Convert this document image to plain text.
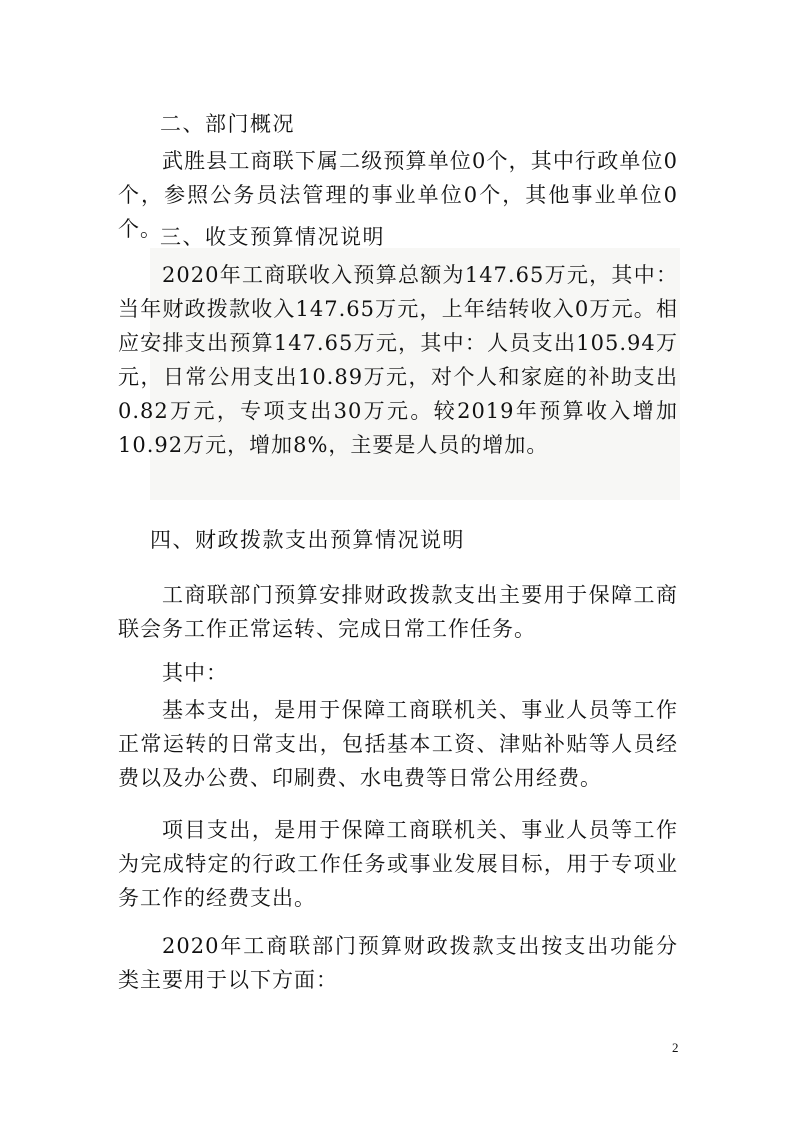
二、部门概况

武胜县工商联下属二级预算单位0个，其中行政单位0个，参照公务员法管理的事业单位0个，其他事业单位0个。

三、收支预算情况说明

2020年工商联收入预算总额为147.65万元，其中：当年财政拨款收入147.65万元，上年结转收入0万元。相应安排支出预算147.65万元，其中：人员支出105.94万元，日常公用支出10.89万元，对个人和家庭的补助支出0.82万元，专项支出30万元。较2019年预算收入增加10.92万元，增加8%，主要是人员的增加。

四、财政拨款支出预算情况说明

工商联部门预算安排财政拨款支出主要用于保障工商联会务工作正常运转、完成日常工作任务。

其中：

基本支出，是用于保障工商联机关、事业人员等工作正常运转的日常支出，包括基本工资、津贴补贴等人员经费以及办公费、印刷费、水电费等日常公用经费。

项目支出，是用于保障工商联机关、事业人员等工作为完成特定的行政工作任务或事业发展目标，用于专项业务工作的经费支出。

2020年工商联部门预算财政拨款支出按支出功能分类主要用于以下方面：

2
